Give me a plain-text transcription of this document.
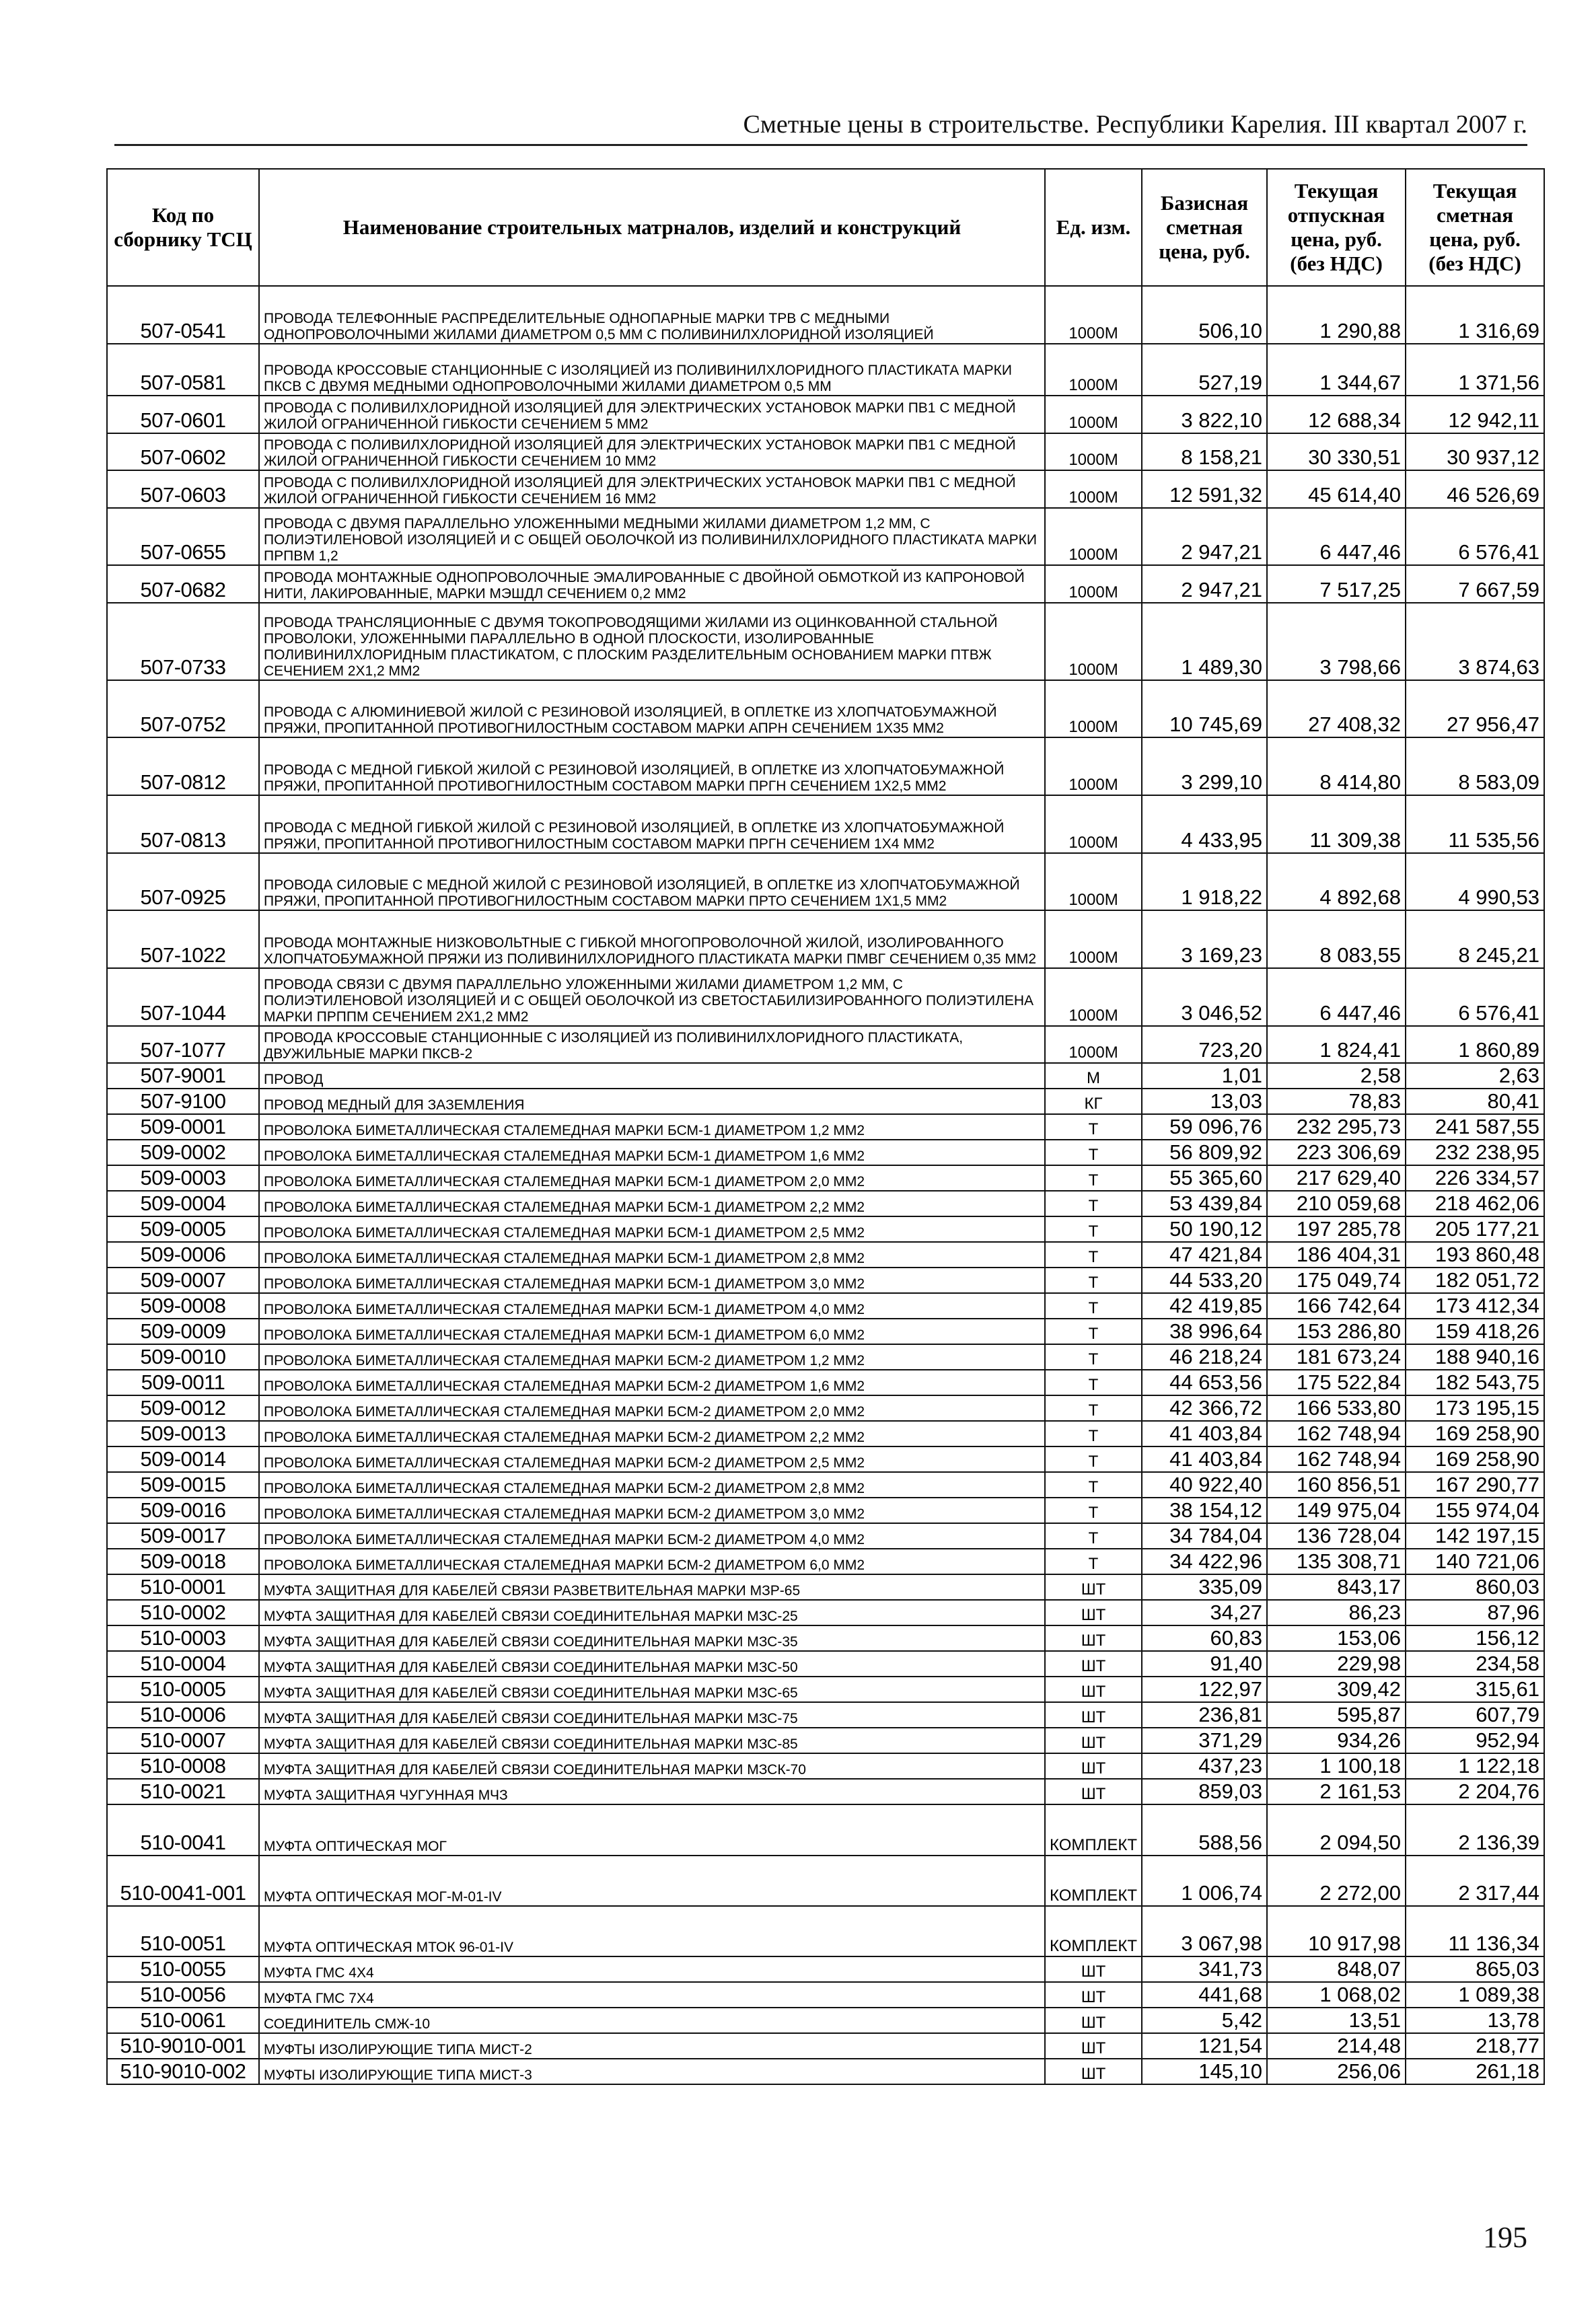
Сметные цены в строительстве. Республики Карелия. III квартал 2007 г.
Код по сборнику ТСЦ	Наименование строительных матрналов, изделий и конструкций	Ед. изм.	Базисная сметная цена, руб.	Текущая отпускная цена, руб. (без НДС)	Текущая сметная цена, руб. (без НДС)
507-0541	ПРОВОДА ТЕЛЕФОННЫЕ РАСПРЕДЕЛИТЕЛЬНЫЕ ОДНОПАРНЫЕ МАРКИ ТРВ С МЕДНЫМИ ОДНОПРОВОЛОЧНЫМИ ЖИЛАМИ ДИАМЕТРОМ 0,5 ММ С ПОЛИВИНИЛХЛОРИДНОЙ ИЗОЛЯЦИЕЙ	1000М	506,10	1 290,88	1 316,69
507-0581	ПРОВОДА КРОССОВЫЕ СТАНЦИОННЫЕ С ИЗОЛЯЦИЕЙ ИЗ ПОЛИВИНИЛХЛОРИДНОГО ПЛАСТИКАТА МАРКИ ПКСВ С ДВУМЯ МЕДНЫМИ ОДНОПРОВОЛОЧНЫМИ ЖИЛАМИ ДИАМЕТРОМ 0,5 ММ	1000М	527,19	1 344,67	1 371,56
507-0601	ПРОВОДА С ПОЛИВИЛХЛОРИДНОЙ ИЗОЛЯЦИЕЙ ДЛЯ ЭЛЕКТРИЧЕСКИХ УСТАНОВОК МАРКИ ПВ1 С МЕДНОЙ ЖИЛОЙ ОГРАНИЧЕННОЙ ГИБКОСТИ СЕЧЕНИЕМ 5 ММ2	1000М	3 822,10	12 688,34	12 942,11
507-0602	ПРОВОДА С ПОЛИВИЛХЛОРИДНОЙ ИЗОЛЯЦИЕЙ ДЛЯ ЭЛЕКТРИЧЕСКИХ УСТАНОВОК МАРКИ ПВ1 С МЕДНОЙ ЖИЛОЙ ОГРАНИЧЕННОЙ ГИБКОСТИ СЕЧЕНИЕМ 10 ММ2	1000М	8 158,21	30 330,51	30 937,12
507-0603	ПРОВОДА С ПОЛИВИЛХЛОРИДНОЙ ИЗОЛЯЦИЕЙ ДЛЯ ЭЛЕКТРИЧЕСКИХ УСТАНОВОК МАРКИ ПВ1 С МЕДНОЙ ЖИЛОЙ ОГРАНИЧЕННОЙ ГИБКОСТИ СЕЧЕНИЕМ 16 ММ2	1000М	12 591,32	45 614,40	46 526,69
507-0655	ПРОВОДА С ДВУМЯ ПАРАЛЛЕЛЬНО УЛОЖЕННЫМИ МЕДНЫМИ ЖИЛАМИ ДИАМЕТРОМ 1,2 ММ, С ПОЛИЭТИЛЕНОВОЙ ИЗОЛЯЦИЕЙ И С ОБЩЕЙ ОБОЛОЧКОЙ ИЗ ПОЛИВИНИЛХЛОРИДНОГО ПЛАСТИКАТА МАРКИ ПРПВМ 1,2	1000М	2 947,21	6 447,46	6 576,41
507-0682	ПРОВОДА МОНТАЖНЫЕ ОДНОПРОВОЛОЧНЫЕ ЭМАЛИРОВАННЫЕ С ДВОЙНОЙ ОБМОТКОЙ ИЗ КАПРОНОВОЙ НИТИ, ЛАКИРОВАННЫЕ, МАРКИ МЭШДЛ СЕЧЕНИЕМ 0,2 ММ2	1000М	2 947,21	7 517,25	7 667,59
507-0733	ПРОВОДА ТРАНСЛЯЦИОННЫЕ С ДВУМЯ ТОКОПРОВОДЯЩИМИ ЖИЛАМИ ИЗ ОЦИНКОВАННОЙ СТАЛЬНОЙ ПРОВОЛОКИ, УЛОЖЕННЫМИ ПАРАЛЛЕЛЬНО В ОДНОЙ ПЛОСКОСТИ, ИЗОЛИРОВАННЫЕ ПОЛИВИНИЛХЛОРИДНЫМ ПЛАСТИКАТОМ, С ПЛОСКИМ РАЗДЕЛИТЕЛЬНЫМ ОСНОВАНИЕМ МАРКИ ПТВЖ СЕЧЕНИЕМ 2Х1,2 ММ2	1000М	1 489,30	3 798,66	3 874,63
507-0752	ПРОВОДА С АЛЮМИНИЕВОЙ ЖИЛОЙ С РЕЗИНОВОЙ ИЗОЛЯЦИЕЙ, В ОПЛЕТКЕ ИЗ ХЛОПЧАТОБУМАЖНОЙ ПРЯЖИ, ПРОПИТАННОЙ ПРОТИВОГНИЛОСТНЫМ СОСТАВОМ МАРКИ АПРН СЕЧЕНИЕМ 1Х35 ММ2	1000М	10 745,69	27 408,32	27 956,47
507-0812	ПРОВОДА С МЕДНОЙ ГИБКОЙ ЖИЛОЙ С РЕЗИНОВОЙ ИЗОЛЯЦИЕЙ, В ОПЛЕТКЕ ИЗ ХЛОПЧАТОБУМАЖНОЙ ПРЯЖИ, ПРОПИТАННОЙ ПРОТИВОГНИЛОСТНЫМ СОСТАВОМ МАРКИ ПРГН СЕЧЕНИЕМ 1Х2,5 ММ2	1000М	3 299,10	8 414,80	8 583,09
507-0813	ПРОВОДА С МЕДНОЙ ГИБКОЙ ЖИЛОЙ С РЕЗИНОВОЙ ИЗОЛЯЦИЕЙ, В ОПЛЕТКЕ ИЗ ХЛОПЧАТОБУМАЖНОЙ ПРЯЖИ, ПРОПИТАННОЙ ПРОТИВОГНИЛОСТНЫМ СОСТАВОМ МАРКИ ПРГН СЕЧЕНИЕМ 1Х4 ММ2	1000М	4 433,95	11 309,38	11 535,56
507-0925	ПРОВОДА СИЛОВЫЕ С МЕДНОЙ ЖИЛОЙ С РЕЗИНОВОЙ ИЗОЛЯЦИЕЙ, В ОПЛЕТКЕ ИЗ ХЛОПЧАТОБУМАЖНОЙ ПРЯЖИ, ПРОПИТАННОЙ ПРОТИВОГНИЛОСТНЫМ СОСТАВОМ МАРКИ ПРТО СЕЧЕНИЕМ 1Х1,5 ММ2	1000М	1 918,22	4 892,68	4 990,53
507-1022	ПРОВОДА МОНТАЖНЫЕ НИЗКОВОЛЬТНЫЕ С ГИБКОЙ МНОГОПРОВОЛОЧНОЙ ЖИЛОЙ, ИЗОЛИРОВАННОГО ХЛОПЧАТОБУМАЖНОЙ ПРЯЖИ ИЗ ПОЛИВИНИЛХЛОРИДНОГО ПЛАСТИКАТА МАРКИ ПМВГ СЕЧЕНИЕМ 0,35 ММ2	1000М	3 169,23	8 083,55	8 245,21
507-1044	ПРОВОДА СВЯЗИ С ДВУМЯ ПАРАЛЛЕЛЬНО УЛОЖЕННЫМИ ЖИЛАМИ ДИАМЕТРОМ 1,2 ММ, С ПОЛИЭТИЛЕНОВОЙ ИЗОЛЯЦИЕЙ И С ОБЩЕЙ ОБОЛОЧКОЙ ИЗ СВЕТОСТАБИЛИЗИРОВАННОГО ПОЛИЭТИЛЕНА МАРКИ ПРППМ СЕЧЕНИЕМ 2Х1,2 ММ2	1000М	3 046,52	6 447,46	6 576,41
507-1077	ПРОВОДА КРОССОВЫЕ СТАНЦИОННЫЕ С ИЗОЛЯЦИЕЙ ИЗ ПОЛИВИНИЛХЛОРИДНОГО ПЛАСТИКАТА, ДВУЖИЛЬНЫЕ МАРКИ ПКСВ-2	1000М	723,20	1 824,41	1 860,89
507-9001	ПРОВОД	М	1,01	2,58	2,63
507-9100	ПРОВОД МЕДНЫЙ ДЛЯ ЗАЗЕМЛЕНИЯ	КГ	13,03	78,83	80,41
509-0001	ПРОВОЛОКА БИМЕТАЛЛИЧЕСКАЯ СТАЛЕМЕДНАЯ МАРКИ БСМ-1 ДИАМЕТРОМ 1,2 ММ2	Т	59 096,76	232 295,73	241 587,55
509-0002	ПРОВОЛОКА БИМЕТАЛЛИЧЕСКАЯ СТАЛЕМЕДНАЯ МАРКИ БСМ-1 ДИАМЕТРОМ 1,6 ММ2	Т	56 809,92	223 306,69	232 238,95
509-0003	ПРОВОЛОКА БИМЕТАЛЛИЧЕСКАЯ СТАЛЕМЕДНАЯ МАРКИ БСМ-1 ДИАМЕТРОМ 2,0 ММ2	Т	55 365,60	217 629,40	226 334,57
509-0004	ПРОВОЛОКА БИМЕТАЛЛИЧЕСКАЯ СТАЛЕМЕДНАЯ МАРКИ БСМ-1 ДИАМЕТРОМ 2,2 ММ2	Т	53 439,84	210 059,68	218 462,06
509-0005	ПРОВОЛОКА БИМЕТАЛЛИЧЕСКАЯ СТАЛЕМЕДНАЯ МАРКИ БСМ-1 ДИАМЕТРОМ 2,5 ММ2	Т	50 190,12	197 285,78	205 177,21
509-0006	ПРОВОЛОКА БИМЕТАЛЛИЧЕСКАЯ СТАЛЕМЕДНАЯ МАРКИ БСМ-1 ДИАМЕТРОМ 2,8 ММ2	Т	47 421,84	186 404,31	193 860,48
509-0007	ПРОВОЛОКА БИМЕТАЛЛИЧЕСКАЯ СТАЛЕМЕДНАЯ МАРКИ БСМ-1 ДИАМЕТРОМ 3,0 ММ2	Т	44 533,20	175 049,74	182 051,72
509-0008	ПРОВОЛОКА БИМЕТАЛЛИЧЕСКАЯ СТАЛЕМЕДНАЯ МАРКИ БСМ-1 ДИАМЕТРОМ 4,0 ММ2	Т	42 419,85	166 742,64	173 412,34
509-0009	ПРОВОЛОКА БИМЕТАЛЛИЧЕСКАЯ СТАЛЕМЕДНАЯ МАРКИ БСМ-1 ДИАМЕТРОМ 6,0 ММ2	Т	38 996,64	153 286,80	159 418,26
509-0010	ПРОВОЛОКА БИМЕТАЛЛИЧЕСКАЯ СТАЛЕМЕДНАЯ МАРКИ БСМ-2 ДИАМЕТРОМ 1,2 ММ2	Т	46 218,24	181 673,24	188 940,16
509-0011	ПРОВОЛОКА БИМЕТАЛЛИЧЕСКАЯ СТАЛЕМЕДНАЯ МАРКИ БСМ-2 ДИАМЕТРОМ 1,6 ММ2	Т	44 653,56	175 522,84	182 543,75
509-0012	ПРОВОЛОКА БИМЕТАЛЛИЧЕСКАЯ СТАЛЕМЕДНАЯ МАРКИ БСМ-2 ДИАМЕТРОМ 2,0 ММ2	Т	42 366,72	166 533,80	173 195,15
509-0013	ПРОВОЛОКА БИМЕТАЛЛИЧЕСКАЯ СТАЛЕМЕДНАЯ МАРКИ БСМ-2 ДИАМЕТРОМ 2,2 ММ2	Т	41 403,84	162 748,94	169 258,90
509-0014	ПРОВОЛОКА БИМЕТАЛЛИЧЕСКАЯ СТАЛЕМЕДНАЯ МАРКИ БСМ-2 ДИАМЕТРОМ 2,5 ММ2	Т	41 403,84	162 748,94	169 258,90
509-0015	ПРОВОЛОКА БИМЕТАЛЛИЧЕСКАЯ СТАЛЕМЕДНАЯ МАРКИ БСМ-2 ДИАМЕТРОМ 2,8 ММ2	Т	40 922,40	160 856,51	167 290,77
509-0016	ПРОВОЛОКА БИМЕТАЛЛИЧЕСКАЯ СТАЛЕМЕДНАЯ МАРКИ БСМ-2 ДИАМЕТРОМ 3,0 ММ2	Т	38 154,12	149 975,04	155 974,04
509-0017	ПРОВОЛОКА БИМЕТАЛЛИЧЕСКАЯ СТАЛЕМЕДНАЯ МАРКИ БСМ-2 ДИАМЕТРОМ 4,0 ММ2	Т	34 784,04	136 728,04	142 197,15
509-0018	ПРОВОЛОКА БИМЕТАЛЛИЧЕСКАЯ СТАЛЕМЕДНАЯ МАРКИ БСМ-2 ДИАМЕТРОМ 6,0 ММ2	Т	34 422,96	135 308,71	140 721,06
510-0001	МУФТА ЗАЩИТНАЯ ДЛЯ КАБЕЛЕЙ СВЯЗИ РАЗВЕТВИТЕЛЬНАЯ МАРКИ МЗР-65	ШТ	335,09	843,17	860,03
510-0002	МУФТА ЗАЩИТНАЯ ДЛЯ КАБЕЛЕЙ СВЯЗИ СОЕДИНИТЕЛЬНАЯ МАРКИ МЗС-25	ШТ	34,27	86,23	87,96
510-0003	МУФТА ЗАЩИТНАЯ ДЛЯ КАБЕЛЕЙ СВЯЗИ СОЕДИНИТЕЛЬНАЯ МАРКИ МЗС-35	ШТ	60,83	153,06	156,12
510-0004	МУФТА ЗАЩИТНАЯ ДЛЯ КАБЕЛЕЙ СВЯЗИ СОЕДИНИТЕЛЬНАЯ МАРКИ МЗС-50	ШТ	91,40	229,98	234,58
510-0005	МУФТА ЗАЩИТНАЯ ДЛЯ КАБЕЛЕЙ СВЯЗИ СОЕДИНИТЕЛЬНАЯ МАРКИ МЗС-65	ШТ	122,97	309,42	315,61
510-0006	МУФТА ЗАЩИТНАЯ ДЛЯ КАБЕЛЕЙ СВЯЗИ СОЕДИНИТЕЛЬНАЯ МАРКИ МЗС-75	ШТ	236,81	595,87	607,79
510-0007	МУФТА ЗАЩИТНАЯ ДЛЯ КАБЕЛЕЙ СВЯЗИ СОЕДИНИТЕЛЬНАЯ МАРКИ МЗС-85	ШТ	371,29	934,26	952,94
510-0008	МУФТА ЗАЩИТНАЯ ДЛЯ КАБЕЛЕЙ СВЯЗИ СОЕДИНИТЕЛЬНАЯ МАРКИ МЗСК-70	ШТ	437,23	1 100,18	1 122,18
510-0021	МУФТА ЗАЩИТНАЯ ЧУГУННАЯ МЧЗ	ШТ	859,03	2 161,53	2 204,76
510-0041	МУФТА ОПТИЧЕСКАЯ МОГ	КОМПЛЕКТ	588,56	2 094,50	2 136,39
510-0041-001	МУФТА ОПТИЧЕСКАЯ МОГ-М-01-IV	КОМПЛЕКТ	1 006,74	2 272,00	2 317,44
510-0051	МУФТА ОПТИЧЕСКАЯ МТОК 96-01-IV	КОМПЛЕКТ	3 067,98	10 917,98	11 136,34
510-0055	МУФТА ГМС 4Х4	ШТ	341,73	848,07	865,03
510-0056	МУФТА ГМС 7Х4	ШТ	441,68	1 068,02	1 089,38
510-0061	СОЕДИНИТЕЛЬ СМЖ-10	ШТ	5,42	13,51	13,78
510-9010-001	МУФТЫ ИЗОЛИРУЮЩИЕ ТИПА МИСТ-2	ШТ	121,54	214,48	218,77
510-9010-002	МУФТЫ ИЗОЛИРУЮЩИЕ ТИПА МИСТ-3	ШТ	145,10	256,06	261,18
195
